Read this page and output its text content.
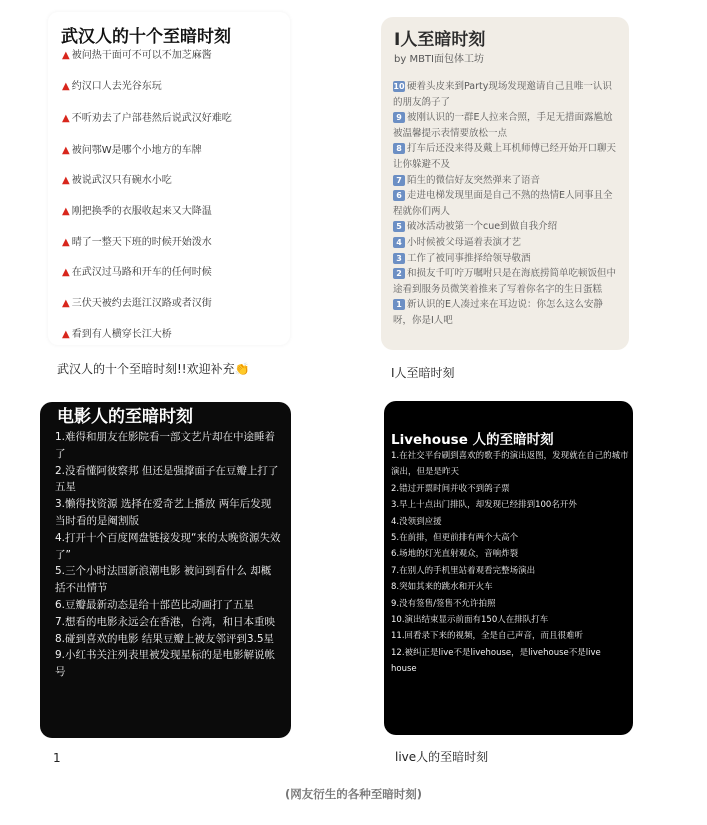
武汉人的十个至暗时刻
▲ 被问热干面可不可以不加芝麻酱
▲ 约汉口人去光谷东玩
▲ 不听劝去了户部巷然后说武汉好难吃
▲ 被问鄂W是哪个小地方的车牌
▲ 被说武汉只有碗水小吃
▲ 刚把换季的衣服收起来又大降温
▲ 晴了一整天下班的时候开始泼水
▲ 在武汉过马路和开车的任何时候
▲ 三伏天被约去逛江汉路或者汉街
▲ 看到有人横穿长江大桥
武汉人的十个至暗时刻!!欢迎补充👏
I人至暗时刻
by MBTI面包体工坊
10 硬着头皮来到Party现场发现邀请自己且唯一认识的朋友鸽子了
9 被刚认识的一群E人拉来合照，手足无措面露尴尬被温馨提示表情要放松一点
8 打车后还没来得及戴上耳机师傅已经开始开口聊天让你躲避不及
7 陌生的微信好友突然弹来了语音
6 走进电梯发现里面是自己不熟的热情E人同事且全程就你们两人
5 破冰活动被第一个cue到做自我介绍
4 小时候被父母逼着表演才艺
3 工作了被同事推择给领导敬酒
2 和损友千叮咛万嘱咐只是在海底捞简单吃顿饭但中途看到服务员微笑着推来了写着你名字的生日蛋糕
1 新认识的E人凑过来在耳边说：你怎么这么安静呀，你是I人吧
I人至暗时刻
电影人的至暗时刻
1.难得和朋友在影院看一部文艺片却在中途睡着了
2.没看懂阿彼察邦 但还是强撑面子在豆瓣上打了五星
3.懒得找资源 选择在爱奇艺上播放 两年后发现当时看的是阉割版
4.打开十个百度网盘链接发现“来的太晚资源失效了”
5.三个小时法国新浪潮电影 被问到看什么 却概括不出情节
6.豆瓣最新动态是给十部芭比动画打了五星
7.想看的电影永远会在香港，台湾，和日本重映
8.碰到喜欢的电影 结果豆瓣上被友邻评到3.5星
9.小红书关注列表里被发现星标的是电影解说帐号
1
Livehouse 人的至暗时刻
1.在社交平台刷到喜欢的歌手的演出返图，发现就在自己的城市演出，但是是昨天
2.错过开票时间并收不到鸽子票
3.早上十点出门排队，却发现已经排到100名开外
4.没领到应援
5.在前排，但更前排有两个大高个
6.场地的灯光直射观众，音响炸裂
7.在别人的手机里站着观看完整场演出
8.突如其来的跳水和开火车
9.没有签售/签售不允许拍照
10.演出结束显示前面有150人在排队打车
11.回看录下来的视频，全是自己声音，而且很难听
12.被纠正是live不是livehouse，是livehouse不是live house
live人的至暗时刻
(网友衍生的各种至暗时刻)
